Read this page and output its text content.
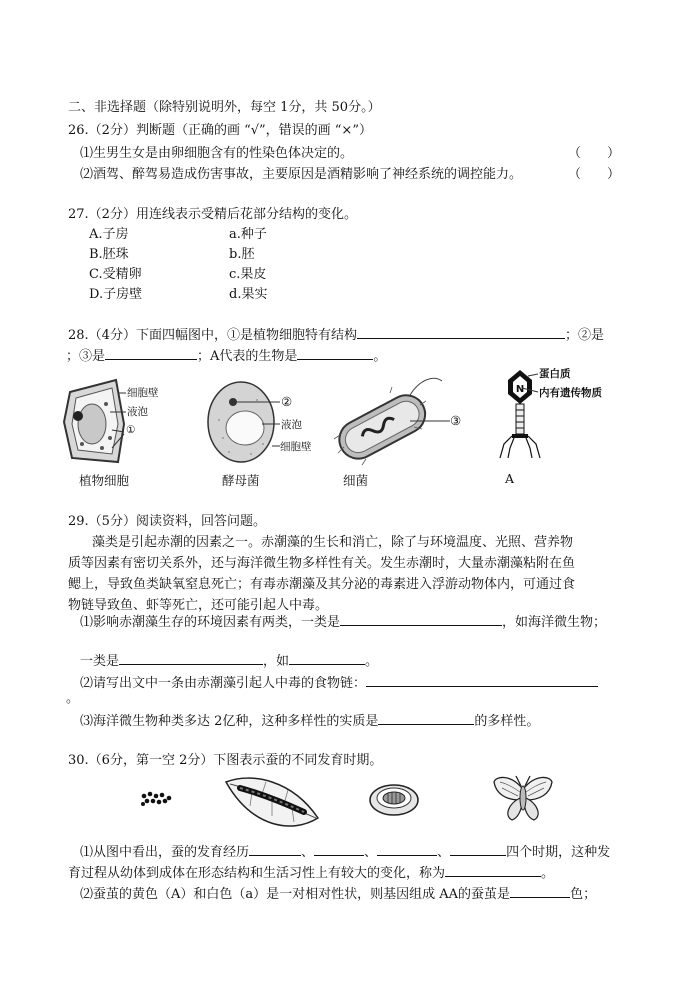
二、非选择题（除特别说明外，每空 1分，共 50分。）
26.（2分）判断题（正确的画 “√”，错误的画 “×”）
⑴生男生女是由卵细胞含有的性染色体决定的。	（　　）
⑵酒驾、醉驾易造成伤害事故，主要原因是酒精影响了神经系统的调控能力。	（　　）
27.（2分）用连线表示受精后花部分结构的变化。
A.子房	a.种子
B.胚珠	b.胚
C.受精卵	c.果皮
D.子房壁	d.果实
28.（4分）下面四幅图中，①是植物细胞特有结构	；②是
；③是	；A代表的生物是	。
细胞壁
液泡
①
植物细胞
②
液泡
细胞壁
酵母菌
③
细菌
N
蛋白质
内有遗传物质
A
29.（5分）阅读资料，回答问题。
藻类是引起赤潮的因素之一。赤潮藻的生长和消亡，除了与环境温度、光照、营养物
质等因素有密切关系外，还与海洋微生物多样性有关。发生赤潮时，大量赤潮藻粘附在鱼
鳃上，导致鱼类缺氧窒息死亡；有毒赤潮藻及其分泌的毒素进入浮游动物体内，可通过食
物链导致鱼、虾等死亡，还可能引起人中毒。
⑴影响赤潮藻生存的环境因素有两类，一类是	，如海洋微生物；
一类是	，如	。
⑵请写出文中一条由赤潮藻引起人中毒的食物链：
。
⑶海洋微生物种类多达 2亿种，这种多样性的实质是	的多样性。
30.（6分，第一空 2分）下图表示蚕的不同发育时期。
⑴从图中看出，蚕的发育经历	、	、	、	四个时期，这种发
育过程从幼体到成体在形态结构和生活习性上有较大的变化，称为	。
⑵蚕茧的黄色（A）和白色（a）是一对相对性状，则基因组成 AA的蚕茧是	色；
